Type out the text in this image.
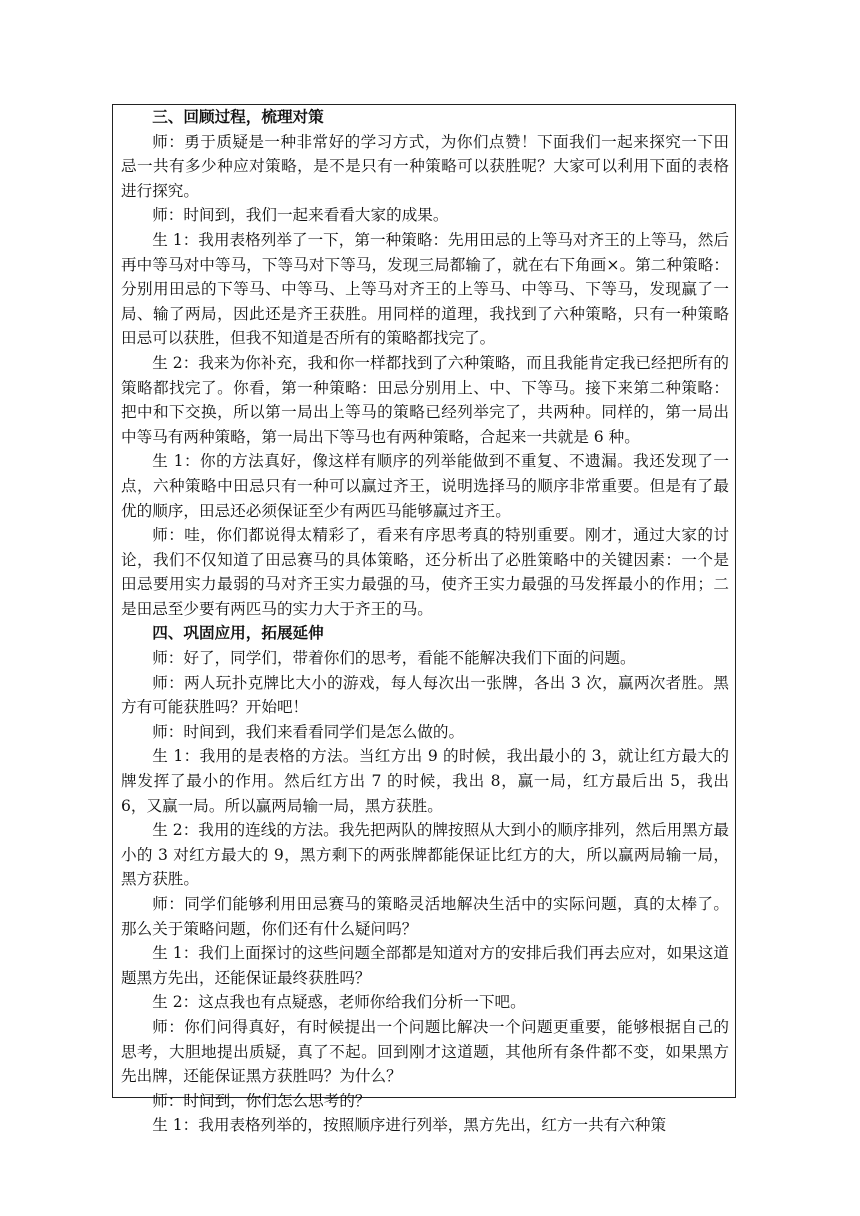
三、回顾过程，梳理对策

师：勇于质疑是一种非常好的学习方式，为你们点赞！下面我们一起来探究一下田忌一共有多少种应对策略，是不是只有一种策略可以获胜呢？大家可以利用下面的表格进行探究。

师：时间到，我们一起来看看大家的成果。

生 1：我用表格列举了一下，第一种策略：先用田忌的上等马对齐王的上等马，然后再中等马对中等马，下等马对下等马，发现三局都输了，就在右下角画×。第二种策略：分别用田忌的下等马、中等马、上等马对齐王的上等马、中等马、下等马，发现赢了一局、输了两局，因此还是齐王获胜。用同样的道理，我找到了六种策略，只有一种策略田忌可以获胜，但我不知道是否所有的策略都找完了。

生 2：我来为你补充，我和你一样都找到了六种策略，而且我能肯定我已经把所有的策略都找完了。你看，第一种策略：田忌分别用上、中、下等马。接下来第二种策略：把中和下交换，所以第一局出上等马的策略已经列举完了，共两种。同样的，第一局出中等马有两种策略，第一局出下等马也有两种策略，合起来一共就是 6 种。

生 1：你的方法真好，像这样有顺序的列举能做到不重复、不遗漏。我还发现了一点，六种策略中田忌只有一种可以赢过齐王，说明选择马的顺序非常重要。但是有了最优的顺序，田忌还必须保证至少有两匹马能够赢过齐王。

师：哇，你们都说得太精彩了，看来有序思考真的特别重要。刚才，通过大家的讨论，我们不仅知道了田忌赛马的具体策略，还分析出了必胜策略中的关键因素：一个是田忌要用实力最弱的马对齐王实力最强的马，使齐王实力最强的马发挥最小的作用；二是田忌至少要有两匹马的实力大于齐王的马。

四、巩固应用，拓展延伸

师：好了，同学们，带着你们的思考，看能不能解决我们下面的问题。

师：两人玩扑克牌比大小的游戏，每人每次出一张牌，各出 3 次，赢两次者胜。黑方有可能获胜吗？开始吧！

师：时间到，我们来看看同学们是怎么做的。

生 1：我用的是表格的方法。当红方出 9 的时候，我出最小的 3，就让红方最大的牌发挥了最小的作用。然后红方出 7 的时候，我出 8，赢一局，红方最后出 5，我出 6，又赢一局。所以赢两局输一局，黑方获胜。

生 2：我用的连线的方法。我先把两队的牌按照从大到小的顺序排列，然后用黑方最小的 3 对红方最大的 9，黑方剩下的两张牌都能保证比红方的大，所以赢两局输一局，黑方获胜。

师：同学们能够利用田忌赛马的策略灵活地解决生活中的实际问题，真的太棒了。那么关于策略问题，你们还有什么疑问吗？

生 1：我们上面探讨的这些问题全部都是知道对方的安排后我们再去应对，如果这道题黑方先出，还能保证最终获胜吗？

生 2：这点我也有点疑惑，老师你给我们分析一下吧。

师：你们问得真好，有时候提出一个问题比解决一个问题更重要，能够根据自己的思考，大胆地提出质疑，真了不起。回到刚才这道题，其他所有条件都不变，如果黑方先出牌，还能保证黑方获胜吗？为什么？

师：时间到，你们怎么思考的？

生 1：我用表格列举的，按照顺序进行列举，黑方先出，红方一共有六种策
